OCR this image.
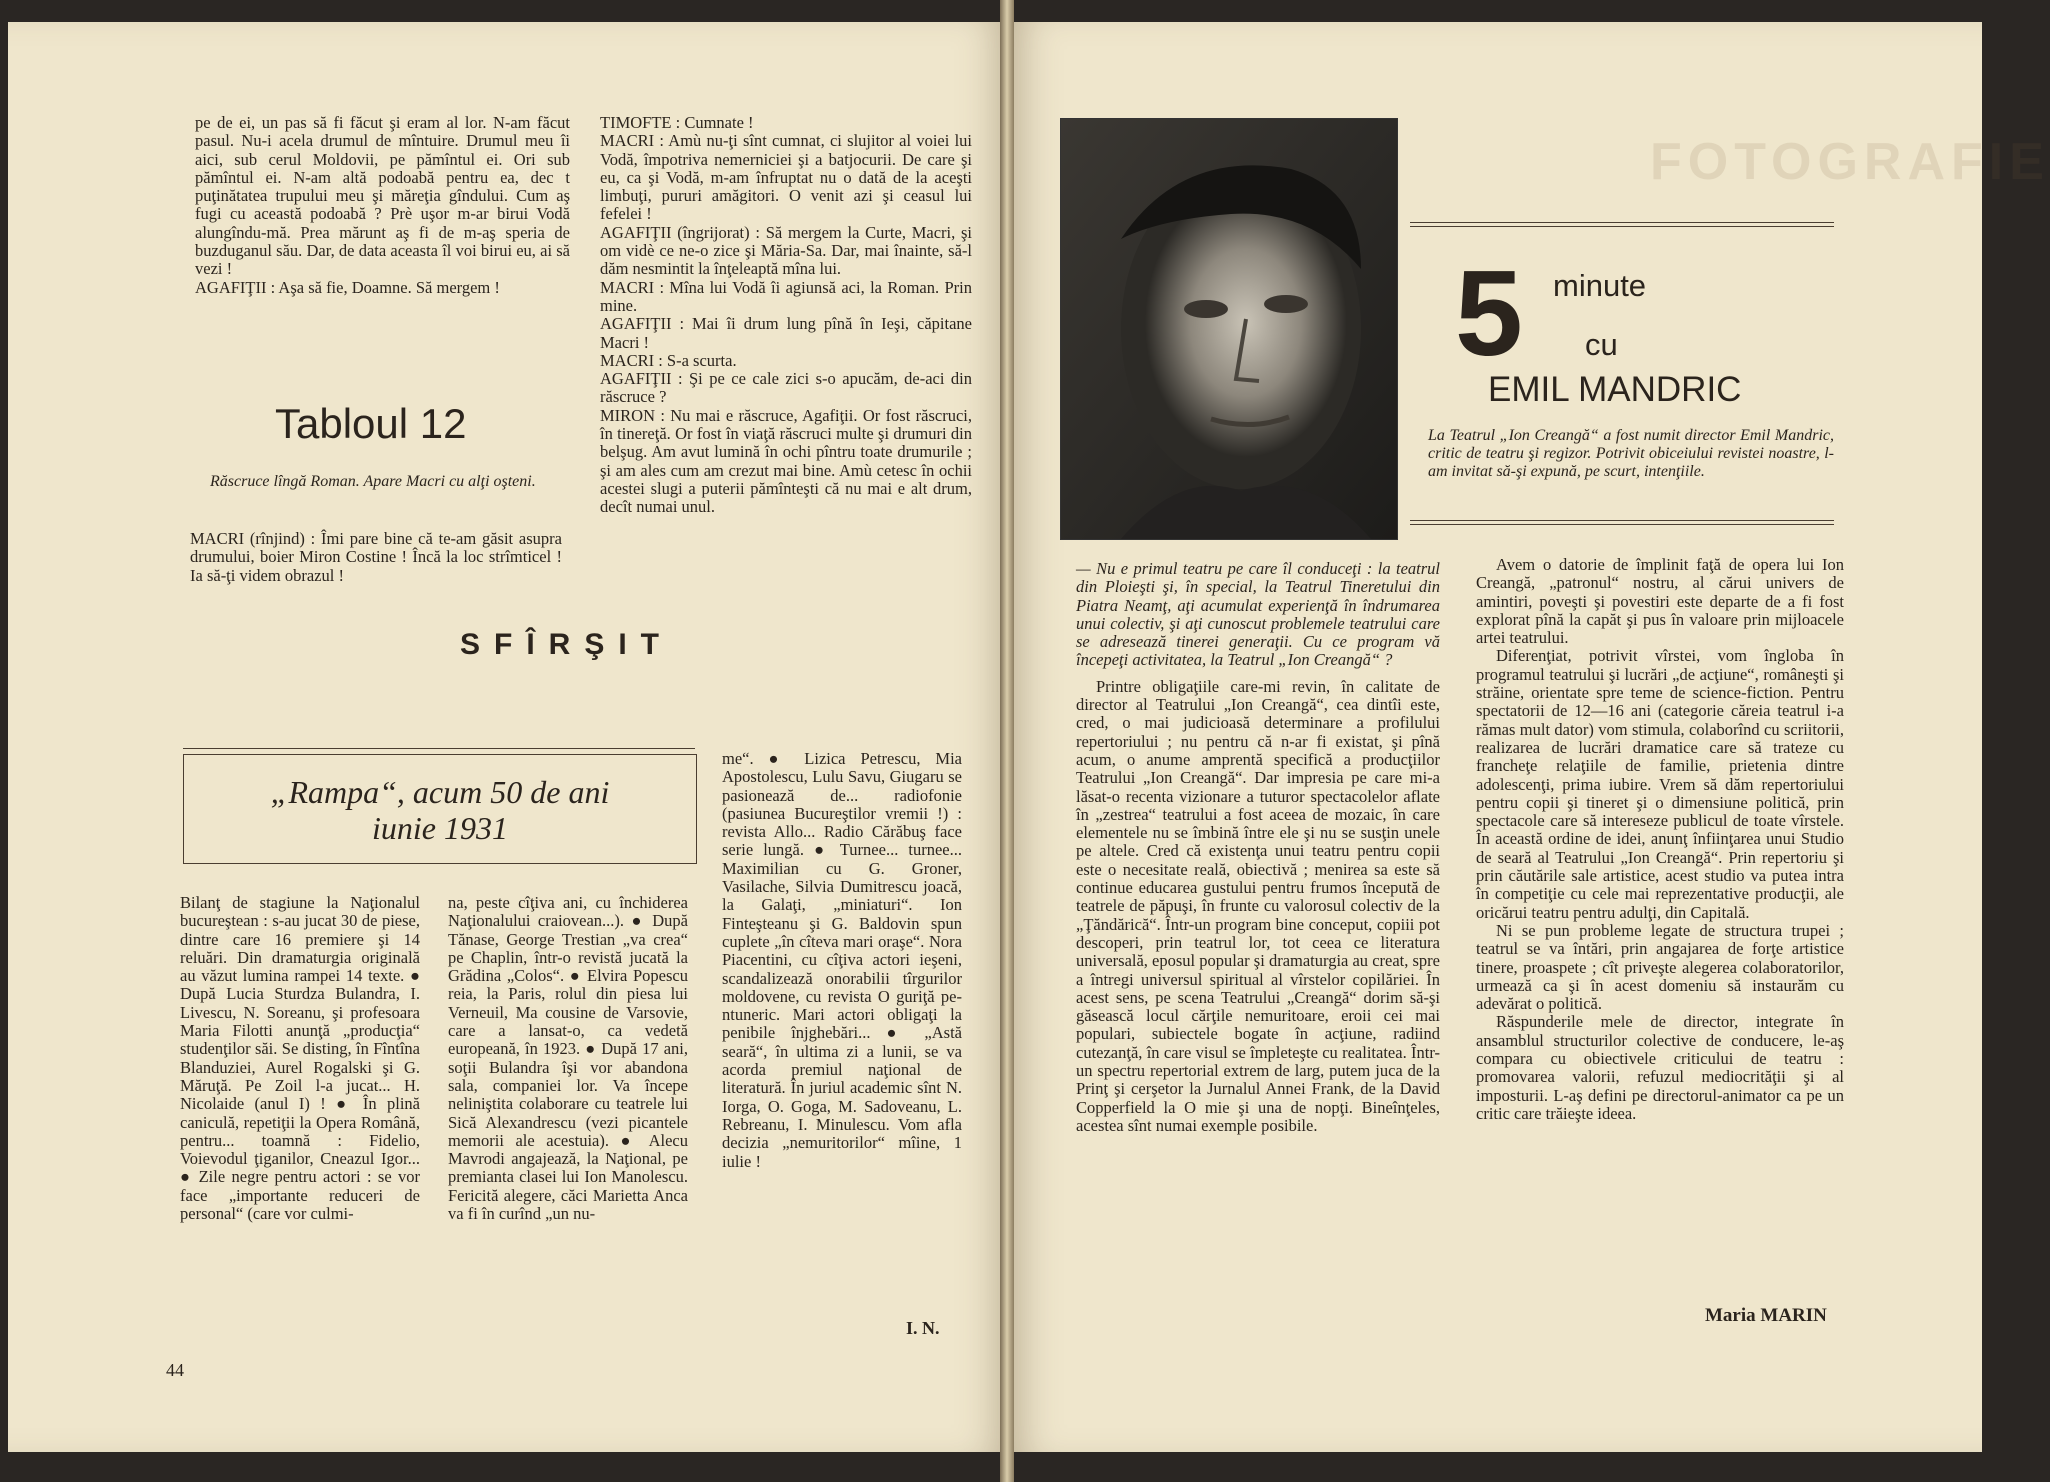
pe de ei, un pas să fi făcut şi eram al lor. N-am făcut pasul. Nu-i acela drumul de mîntuire. Drumul meu îi aici, sub cerul Moldovii, pe pămîntul ei. Ori sub pămîntul ei. N-am altă podoabă pentru ea, dec t puţinătatea trupului meu şi măreţia gîndului. Cum aş fugi cu această podoabă ? Prè uşor m-ar birui Vodă alungîndu-mă. Prea mărunt aş fi de m-aş speria de buzduganul său. Dar, de data aceasta îl voi birui eu, ai să vezi !

AGAFIŢII : Aşa să fie, Doamne. Să mergem !

Tabloul 12
Răscruce lîngă Roman. Apare Macri cu alţi oşteni.

MACRI (rînjind) : Îmi pare bine că te-am găsit asupra drumului, boier Miron Costine ! Încă la loc strîmticel ! Ia să-ţi videm obrazul !

TIMOFTE : Cumnate !

MACRI : Amù nu-ţi sînt cumnat, ci slujitor al voiei lui Vodă, împotriva nemerniciei şi a batjocurii. De care şi eu, ca şi Vodă, m-am înfruptat nu o dată de la aceşti limbuţi, pururi amăgitori. O venit azi şi ceasul lui fefelei !

AGAFIŢII (îngrijorat) : Să mergem la Curte, Macri, şi om vidè ce ne-o zice şi Măria-Sa. Dar, mai înainte, să-l dăm nesmintit la înţeleaptă mîna lui.

MACRI : Mîna lui Vodă îi agiunsă aci, la Roman. Prin mine.

AGAFIŢII : Mai îi drum lung pînă în Ieşi, căpitane Macri !

MACRI : S-a scurta.

AGAFIŢII : Şi pe ce cale zici s-o apucăm, de-aci din răscruce ?

MIRON : Nu mai e răscruce, Agafiţii. Or fost răscruci, în tinereţă. Or fost în viaţă răscruci multe şi drumuri din belşug. Am avut lumină în ochi pîntru toate drumurile ; şi am ales cum am crezut mai bine. Amù cetesc în ochii acestei slugi a puterii pămînteşti că nu mai e alt drum, decît numai unul.

SFÎRŞIT
„Rampa“, acum 50 de ani
iunie 1931

Bilanţ de stagiune la Naţionalul bucureştean : s-au jucat 30 de piese, dintre care 16 premiere şi 14 reluări. Din dramaturgia originală au văzut lumina rampei 14 texte. ● După Lucia Sturdza Bulandra, I. Livescu, N. Soreanu, şi profesoara Maria Filotti anunţă „producţia“ studenţilor săi. Se disting, în Fîntîna Blanduziei, Aurel Rogalski şi G. Măruţă. Pe Zoil l-a jucat... H. Nicolaide (anul I) ! ● În plină caniculă, repetiţii la Opera Română, pentru... toamnă : Fidelio, Voievodul ţiganilor, Cneazul Igor... ● Zile negre pentru actori : se vor face „importante reduceri de personal“ (care vor culmi-

na, peste cîţiva ani, cu închiderea Naţionalului craiovean...). ● După Tănase, George Trestian „va crea“ pe Chaplin, într-o revistă jucată la Grădina „Colos“. ● Elvira Popescu reia, la Paris, rolul din piesa lui Verneuil, Ma cousine de Varsovie, care a lansat-o, ca vedetă europeană, în 1923. ● După 17 ani, soţii Bulandra îşi vor abandona sala, companiei lor. Va începe neliniştita colaborare cu teatrele lui Sică Alexandrescu (vezi picantele memorii ale acestuia). ● Alecu Mavrodi angajează, la Naţional, pe premianta clasei lui Ion Manolescu. Fericită alegere, căci Marietta Anca va fi în curînd „un nu-

me“. ● Lizica Petrescu, Mia Apostolescu, Lulu Savu, Giugaru se pasionează de... radiofonie (pasiunea Bucureştilor vremii !) : revista Allo... Radio Cărăbuş face serie lungă. ● Turnee... turnee... Maximilian cu G. Groner, Vasilache, Silvia Dumitrescu joacă, la Galaţi, „miniaturi“. Ion Finteşteanu şi G. Baldovin spun cuplete „în cîteva mari oraşe“. Nora Piacentini, cu cîţiva actori ieşeni, scandalizează onorabilii tîrgurilor moldovene, cu revista O guriţă pe-ntuneric. Mari actori obligaţi la penibile înjghebări... ● „Astă seară“, în ultima zi a lunii, se va acorda premiul naţional de literatură. În juriul academic sînt N. Iorga, O. Goga, M. Sadoveanu, L. Rebreanu, I. Minulescu. Vom afla decizia „nemuritorilor“ mîine, 1 iulie !

I. N.
44
FOTOGRAFIE
5 minute
cu
EMIL MANDRIC
La Teatrul „Ion Creangă“ a fost numit director Emil Mandric, critic de teatru şi regizor. Potrivit obiceiului revistei noastre, l-am invitat să-şi expună, pe scurt, intenţiile.

— Nu e primul teatru pe care îl conduceţi : la teatrul din Ploieşti şi, în special, la Teatrul Tineretului din Piatra Neamţ, aţi acumulat experienţă în îndrumarea unui colectiv, şi aţi cunoscut problemele teatrului care se adresează tinerei generaţii. Cu ce program vă începeţi activitatea, la Teatrul „Ion Creangă“ ?

Printre obligaţiile care-mi revin, în calitate de director al Teatrului „Ion Creangă“, cea dintîi este, cred, o mai judicioasă determinare a profilului repertoriului ; nu pentru că n-ar fi existat, şi pînă acum, o anume amprentă specifică a producţiilor Teatrului „Ion Creangă“. Dar impresia pe care mi-a lăsat-o recenta vizionare a tuturor spectacolelor aflate în „zestrea“ teatrului a fost aceea de mozaic, în care elementele nu se îmbină între ele şi nu se susţin unele pe altele. Cred că existenţa unui teatru pentru copii este o necesitate reală, obiectivă ; menirea sa este să continue educarea gustului pentru frumos începută de teatrele de păpuşi, în frunte cu valorosul colectiv de la „Ţăndărică“. Într-un program bine conceput, copiii pot descoperi, prin teatrul lor, tot ceea ce literatura universală, eposul popular şi dramaturgia au creat, spre a întregi universul spiritual al vîrstelor copilăriei. În acest sens, pe scena Teatrului „Creangă“ dorim să-şi găsească locul cărţile nemuritoare, eroii cei mai populari, subiectele bogate în acţiune, radiind cutezanţă, în care visul se împleteşte cu realitatea. Într-un spectru repertorial extrem de larg, putem juca de la Prinţ şi cerşetor la Jurnalul Annei Frank, de la David Copperfield la O mie şi una de nopţi. Bineînţeles, acestea sînt numai exemple posibile.

Avem o datorie de împlinit faţă de opera lui Ion Creangă, „patronul“ nostru, al cărui univers de amintiri, poveşti şi povestiri este departe de a fi fost explorat pînă la capăt şi pus în valoare prin mijloacele artei teatrului.

Diferenţiat, potrivit vîrstei, vom îngloba în programul teatrului şi lucrări „de acţiune“, româneşti şi străine, orientate spre teme de science-fiction. Pentru spectatorii de 12—16 ani (categorie căreia teatrul i-a rămas mult dator) vom stimula, colaborînd cu scriitorii, realizarea de lucrări dramatice care să trateze cu francheţe relaţiile de familie, prietenia dintre adolescenţi, prima iubire. Vrem să dăm repertoriului pentru copii şi tineret şi o dimensiune politică, prin spectacole care să intereseze publicul de toate vîrstele. În această ordine de idei, anunţ înfiinţarea unui Studio de seară al Teatrului „Ion Creangă“. Prin repertoriu şi prin căutările sale artistice, acest studio va putea intra în competiţie cu cele mai reprezentative producţii, ale oricărui teatru pentru adulţi, din Capitală.

Ni se pun probleme legate de structura trupei ; teatrul se va întări, prin angajarea de forţe artistice tinere, proaspete ; cît priveşte alegerea colaboratorilor, urmează ca şi în acest domeniu să instaurăm cu adevărat o politică.

Răspunderile mele de director, integrate în ansamblul structurilor colective de conducere, le-aş compara cu obiectivele criticului de teatru : promovarea valorii, refuzul mediocrităţii şi al imposturii. L-aş defini pe directorul-animator ca pe un critic care trăieşte ideea.

Maria MARIN
